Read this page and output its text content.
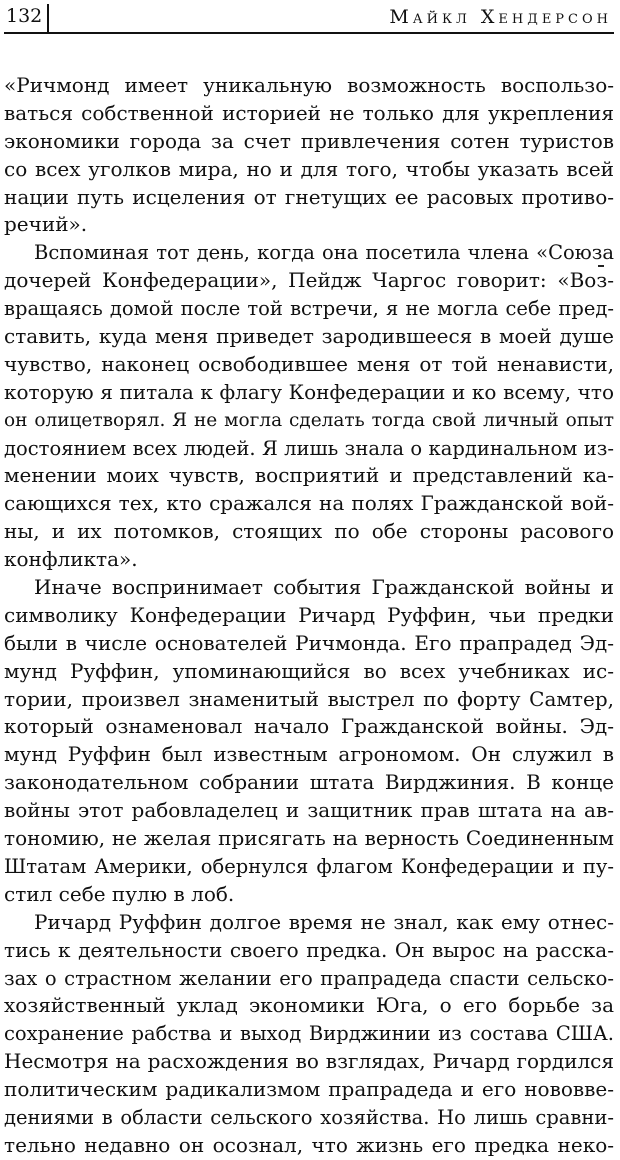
132	Майкл Хендерсон
«Ричмонд имеет уникальную возможность воспользо-
ваться собственной историей не только для укрепления
экономики города за счет привлечения сотен туристов
со всех уголков мира, но и для того, чтобы указать всей
нации путь исцеления от гнетущих ее расовых противо-
речий».
Вспоминая тот день, когда она посетила члена «Союза
дочерей Конфедерации», Пейдж Чаргос говорит: «Воз-
вращаясь домой после той встречи, я не могла себе пред-
ставить, куда меня приведет зародившееся в моей душе
чувство, наконец освободившее меня от той ненависти,
которую я питала к флагу Конфедерации и ко всему, что
он олицетворял. Я не могла сделать тогда свой личный опыт
достоянием всех людей. Я лишь знала о кардинальном из-
менении моих чувств, восприятий и представлений ка-
сающихся тех, кто сражался на полях Гражданской вой-
ны, и их потомков, стоящих по обе стороны расового
конфликта».
Иначе воспринимает события Гражданской войны и
символику Конфедерации Ричард Руффин, чьи предки
были в числе основателей Ричмонда. Его прапрадед Эд-
мунд Руффин, упоминающийся во всех учебниках ис-
тории, произвел знаменитый выстрел по форту Самтер,
который ознаменовал начало Гражданской войны. Эд-
мунд Руффин был известным агрономом. Он служил в
законодательном собрании штата Вирджиния. В конце
войны этот рабовладелец и защитник прав штата на ав-
тономию, не желая присягать на верность Соединенным
Штатам Америки, обернулся флагом Конфедерации и пу-
стил себе пулю в лоб.
Ричард Руффин долгое время не знал, как ему отнес-
тись к деятельности своего предка. Он вырос на расска-
зах о страстном желании его прапрадеда спасти сельско-
хозяйственный уклад экономики Юга, о его борьбе за
сохранение рабства и выход Вирджинии из состава США.
Несмотря на расхождения во взглядах, Ричард гордился
политическим радикализмом прапрадеда и его нововве-
дениями в области сельского хозяйства. Но лишь сравни-
тельно недавно он осознал, что жизнь его предка неко-
